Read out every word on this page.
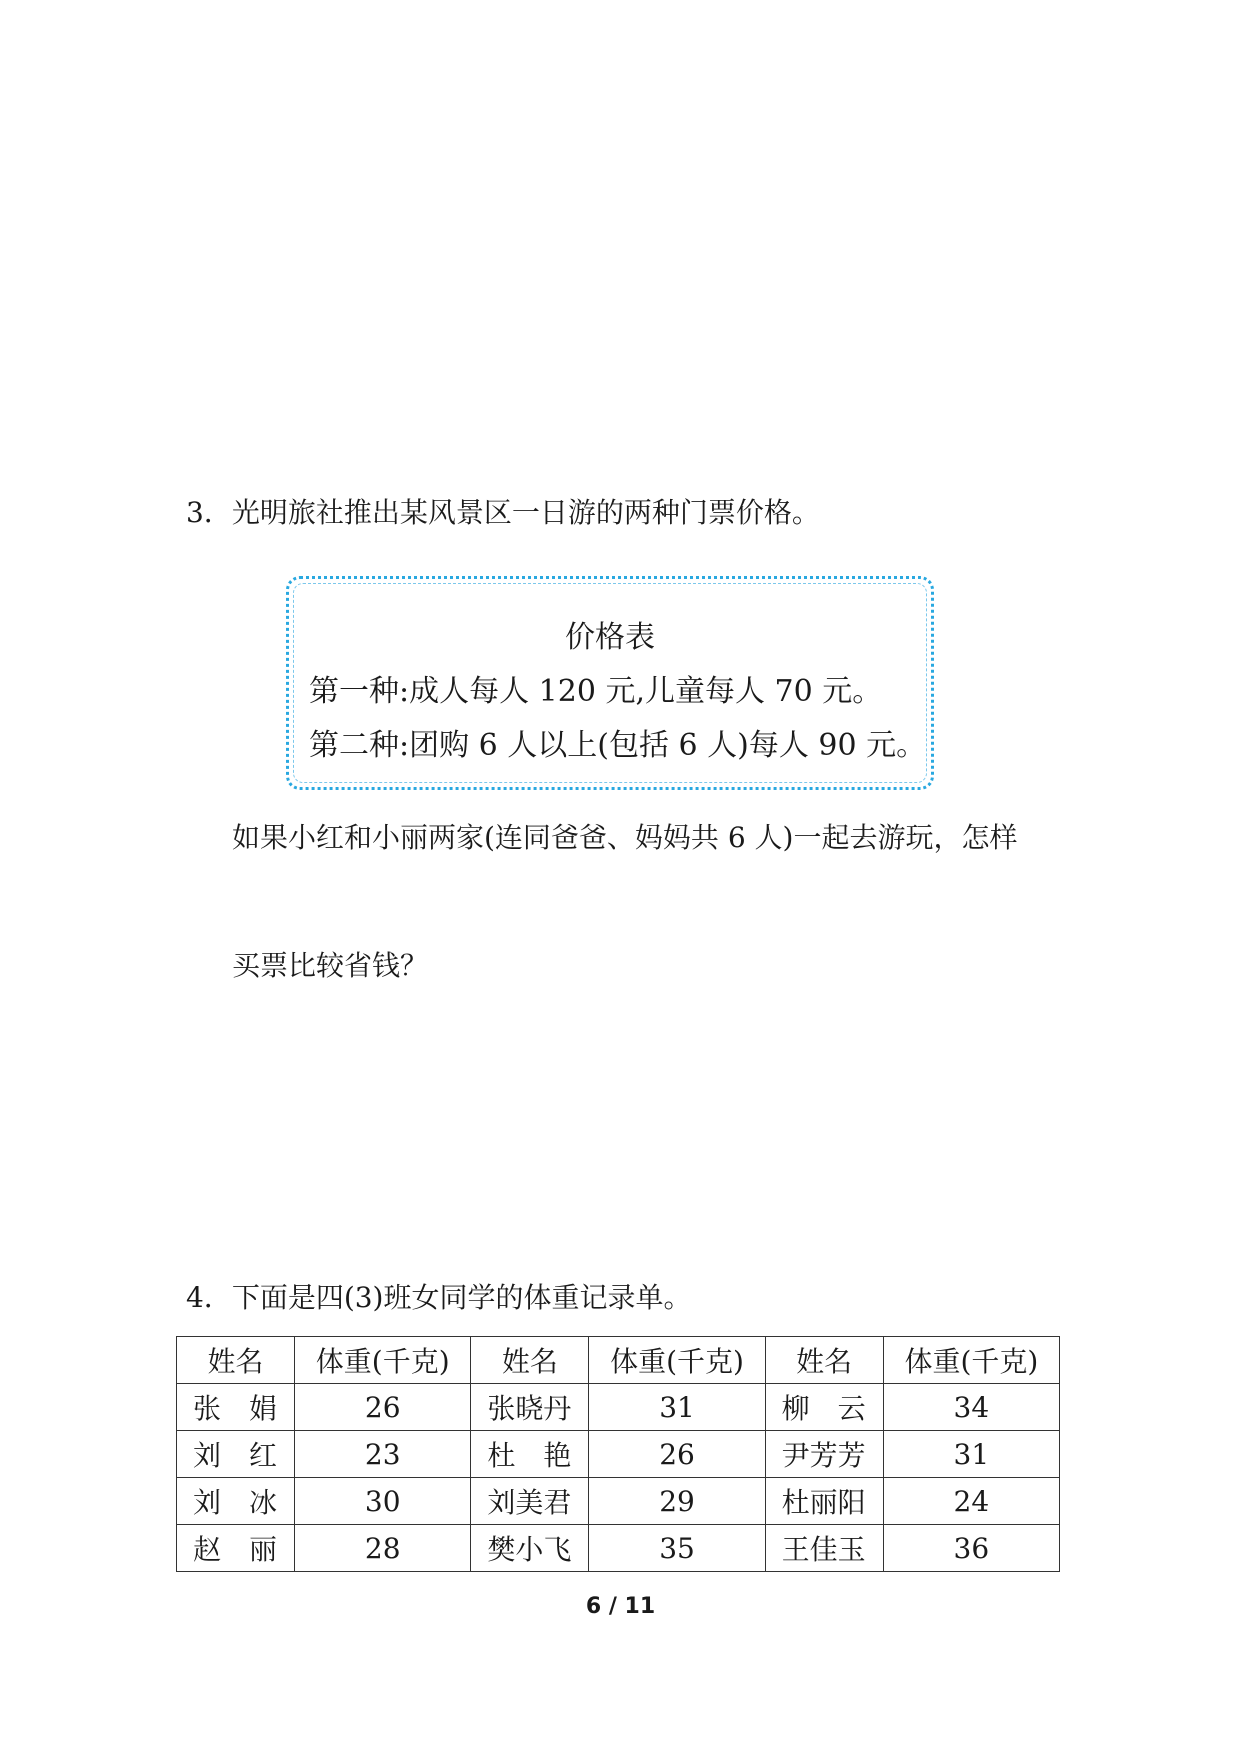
3．光明旅社推出某风景区一日游的两种门票价格。
价格表
第一种:成人每人 120 元,儿童每人 70 元。
第二种:团购 6 人以上(包括 6 人)每人 90 元。
如果小红和小丽两家(连同爸爸、妈妈共 6 人)一起去游玩，怎样
买票比较省钱？
4．下面是四(3)班女同学的体重记录单。
姓名	体重(千克)	姓名	体重(千克)	姓名	体重(千克)
张　娟	26	张晓丹	31	柳　云	34
刘　红	23	杜　艳	26	尹芳芳	31
刘　冰	30	刘美君	29	杜丽阳	24
赵　丽	28	樊小飞	35	王佳玉	36
6 / 11
